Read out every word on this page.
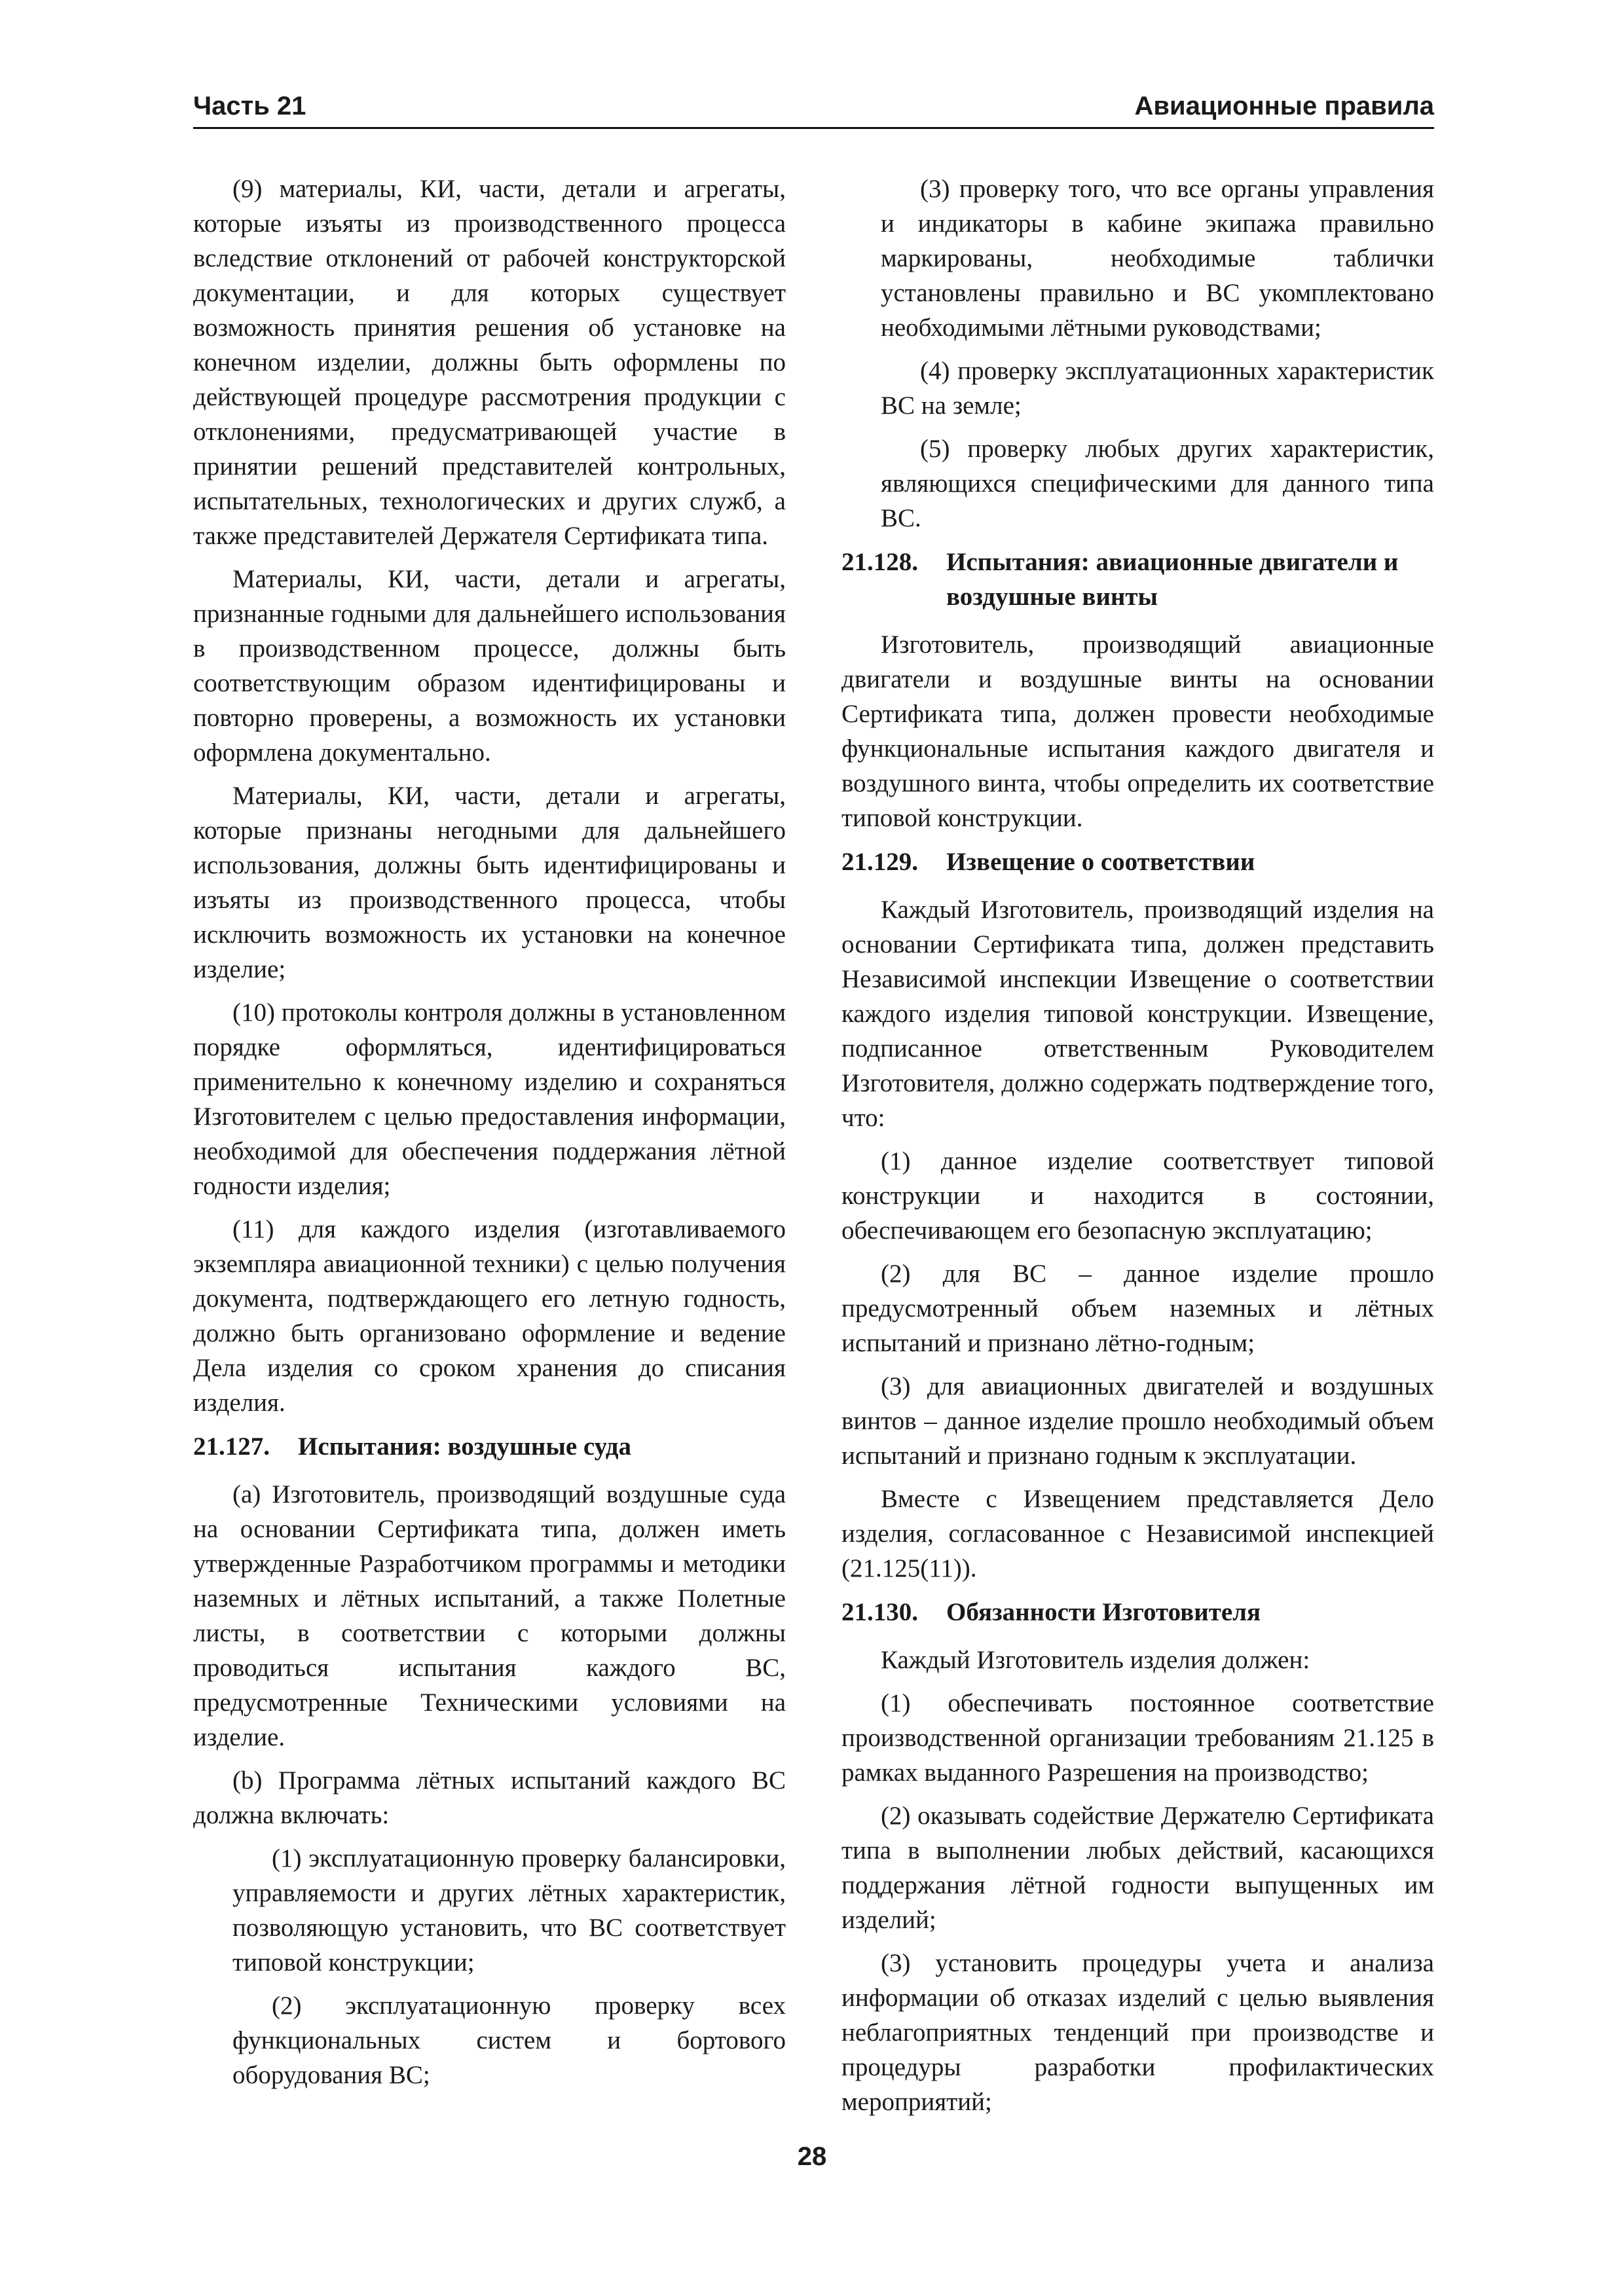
Часть 21	Авиационные правила

(9) материалы, КИ, части, детали и агрегаты, которые изъяты из производственного процесса вследствие отклонений от рабочей конструкторской документации, и для которых существует возможность принятия решения об установке на конечном изделии, должны быть оформлены по действующей процедуре рассмотрения продукции с отклонениями, предусматривающей участие в принятии решений представителей контрольных, испытательных, технологических и других служб, а также представителей Держателя Сертификата типа.

Материалы, КИ, части, детали и агрегаты, признанные годными для дальнейшего использования в производственном процессе, должны быть соответствующим образом идентифицированы и повторно проверены, а возможность их установки оформлена документально.

Материалы, КИ, части, детали и агрегаты, которые признаны негодными для дальнейшего использования, должны быть идентифицированы и изъяты из производственного процесса, чтобы исключить возможность их установки на конечное изделие;

(10) протоколы контроля должны в установленном порядке оформляться, идентифицироваться применительно к конечному изделию и сохраняться Изготовителем с целью предоставления информации, необходимой для обеспечения поддержания лётной годности изделия;

(11) для каждого изделия (изготавливаемого экземпляра авиационной техники) с целью получения документа, подтверждающего его летную годность, должно быть организовано оформление и ведение Дела изделия со сроком хранения до списания изделия.

21.127.	Испытания: воздушные суда

(a) Изготовитель, производящий воздушные суда на основании Сертификата типа, должен иметь утвержденные Разработчиком программы и методики наземных и лётных испытаний, а также Полетные листы, в соответствии с которыми должны проводиться испытания каждого ВС, предусмотренные Техническими условиями на изделие.

(b) Программа лётных испытаний каждого ВС должна включать:

(1) эксплуатационную проверку балансировки, управляемости и других лётных характеристик, позволяющую установить, что ВС соответствует типовой конструкции;

(2) эксплуатационную проверку всех функциональных систем и бортового оборудования ВС;

(3) проверку того, что все органы управления и индикаторы в кабине экипажа правильно маркированы, необходимые таблички установлены правильно и ВС укомплектовано необходимыми лётными руководствами;

(4) проверку эксплуатационных характеристик ВС на земле;

(5) проверку любых других характеристик, являющихся специфическими для данного типа ВС.

21.128.	Испытания: авиационные двигатели и воздушные винты

Изготовитель, производящий авиационные двигатели и воздушные винты на основании Сертификата типа, должен провести необходимые функциональные испытания каждого двигателя и воздушного винта, чтобы определить их соответствие типовой конструкции.

21.129.	Извещение о соответствии

Каждый Изготовитель, производящий изделия на основании Сертификата типа, должен представить Независимой инспекции Извещение о соответствии каждого изделия типовой конструкции. Извещение, подписанное ответственным Руководителем Изготовителя, должно содержать подтверждение того, что:

(1) данное изделие соответствует типовой конструкции и находится в состоянии, обеспечивающем его безопасную эксплуатацию;

(2) для ВС – данное изделие прошло предусмотренный объем наземных и лётных испытаний и признано лётно-годным;

(3) для авиационных двигателей и воздушных винтов – данное изделие прошло необходимый объем испытаний и признано годным к эксплуатации.

Вместе с Извещением представляется Дело изделия, согласованное с Независимой инспекцией (21.125(11)).

21.130.	Обязанности Изготовителя

Каждый Изготовитель изделия должен:

(1) обеспечивать постоянное соответствие производственной организации требованиям 21.125 в рамках выданного Разрешения на производство;

(2) оказывать содействие Держателю Сертификата типа в выполнении любых действий, касающихся поддержания лётной годности выпущенных им изделий;

(3) установить процедуры учета и анализа информации об отказах изделий с целью выявления неблагоприятных тенденций при производстве и процедуры разработки профилактических мероприятий;

28
